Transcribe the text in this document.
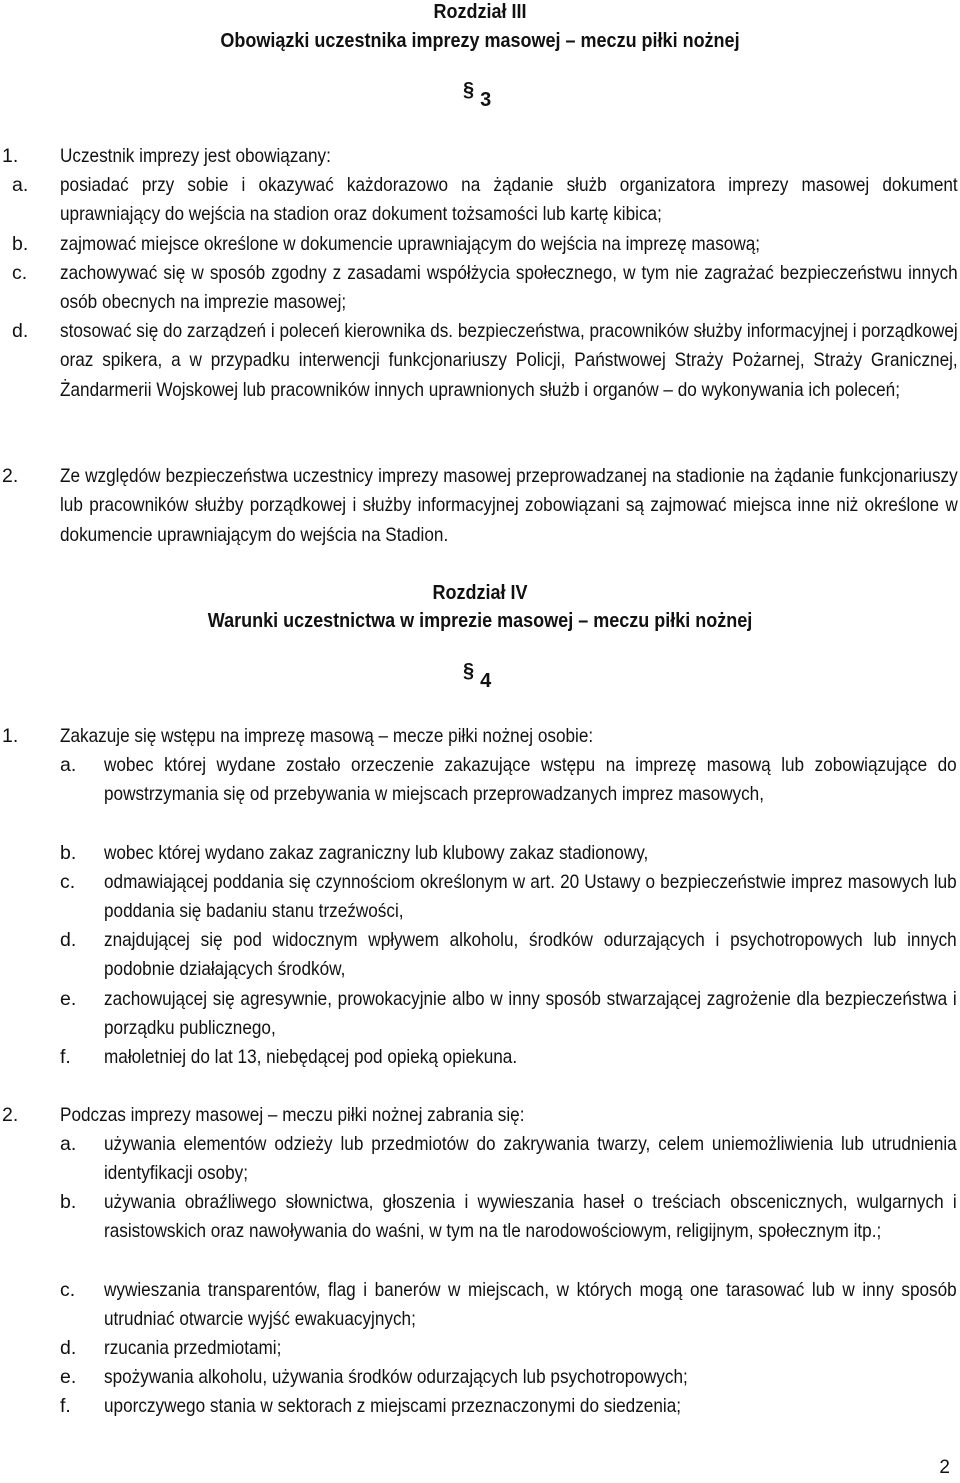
Rozdział III
Obowiązki uczestnika imprezy masowej – meczu piłki nożnej
§ 3
1. Uczestnik imprezy jest obowiązany:
a. posiadać przy sobie i okazywać każdorazowo na żądanie służb organizatora imprezy masowej dokument uprawniający do wejścia na stadion oraz dokument tożsamości lub kartę kibica;
b. zajmować miejsce określone w dokumencie uprawniającym do wejścia na imprezę masową;
c. zachowywać się w sposób zgodny z zasadami współżycia społecznego, w tym nie zagrażać bezpieczeństwu innych osób obecnych na imprezie masowej;
d. stosować się do zarządzeń i poleceń kierownika ds. bezpieczeństwa, pracowników służby informacyjnej i porządkowej oraz spikera, a w przypadku interwencji funkcjonariuszy Policji, Państwowej Straży Pożarnej, Straży Granicznej, Żandarmerii Wojskowej lub pracowników innych uprawnionych służb i organów – do wykonywania ich poleceń;
2. Ze względów bezpieczeństwa uczestnicy imprezy masowej przeprowadzanej na stadionie na żądanie funkcjonariuszy lub pracowników służby porządkowej i służby informacyjnej zobowiązani są zajmować miejsca inne niż określone w dokumencie uprawniającym do wejścia na Stadion.
Rozdział IV
Warunki uczestnictwa w imprezie masowej – meczu piłki nożnej
§ 4
1. Zakazuje się wstępu na imprezę masową – mecze piłki nożnej osobie:
a. wobec której wydane zostało orzeczenie zakazujące wstępu na imprezę masową lub zobowiązujące do powstrzymania się od przebywania w miejscach przeprowadzanych imprez masowych,
b. wobec której wydano zakaz zagraniczny lub klubowy zakaz stadionowy,
c. odmawiającej poddania się czynnościom określonym w art. 20 Ustawy o bezpieczeństwie imprez masowych lub poddania się badaniu stanu trzeźwości,
d. znajdującej się pod widocznym wpływem alkoholu, środków odurzających i psychotropowych lub innych podobnie działających środków,
e. zachowującej się agresywnie, prowokacyjnie albo w inny sposób stwarzającej zagrożenie dla bezpieczeństwa i porządku publicznego,
f. małoletniej do lat 13, niebędącej pod opieką opiekuna.
2. Podczas imprezy masowej – meczu piłki nożnej zabrania się:
a. używania elementów odzieży lub przedmiotów do zakrywania twarzy, celem uniemożliwienia lub utrudnienia identyfikacji osoby;
b. używania obraźliwego słownictwa, głoszenia i wywieszania haseł o treściach obscenicznych, wulgarnych i rasistowskich oraz nawoływania do waśni, w tym na tle narodowościowym, religijnym, społecznym itp.;
c. wywieszania transparentów, flag i banerów w miejscach, w których mogą one tarasować lub w inny sposób utrudniać otwarcie wyjść ewakuacyjnych;
d. rzucania przedmiotami;
e. spożywania alkoholu, używania środków odurzających lub psychotropowych;
f. uporczywego stania w sektorach z miejscami przeznaczonymi do siedzenia;
2
